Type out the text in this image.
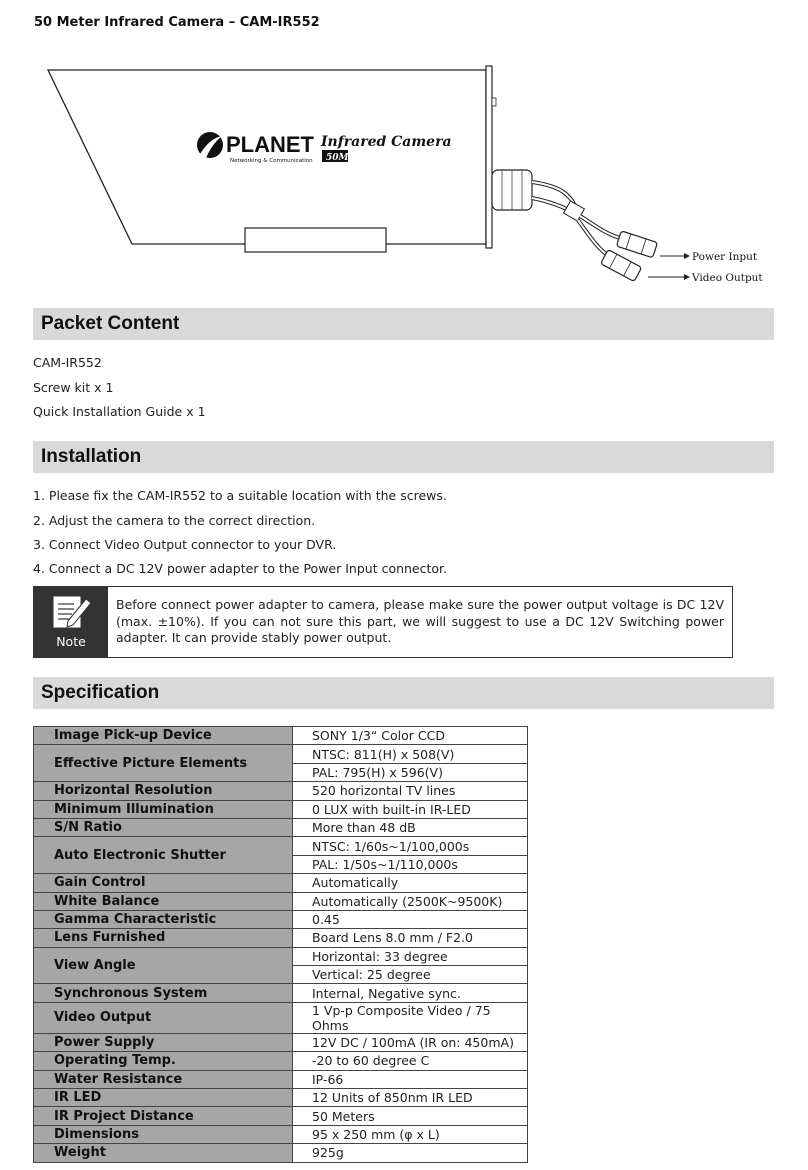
50 Meter Infrared Camera – CAM-IR552
PLANET
Networking & Communication
Infrared Camera
50M
Power Input
Video Output
Packet Content
CAM-IR552
Screw kit x 1
Quick Installation Guide x 1
Installation
1. Please fix the CAM-IR552 to a suitable location with the screws.
2. Adjust the camera to the correct direction.
3. Connect Video Output connector to your DVR.
4. Connect a DC 12V power adapter to the Power Input connector.
Note
Before connect power adapter to camera, please make sure the power output voltage is DC 12V (max. ±10%). If you can not sure this part, we will suggest to use a DC 12V Switching power adapter. It can provide stably power output.
Specification
Image Pick-up Device	SONY 1/3“ Color CCD
Effective Picture Elements	NTSC: 811(H) x 508(V)
	PAL: 795(H) x 596(V)
Horizontal Resolution	520 horizontal TV lines
Minimum Illumination	0 LUX with built-in IR-LED
S/N Ratio	More than 48 dB
Auto Electronic Shutter	NTSC: 1/60s~1/100,000s
	PAL: 1/50s~1/110,000s
Gain Control	Automatically
White Balance	Automatically (2500K~9500K)
Gamma Characteristic	0.45
Lens Furnished	Board Lens 8.0 mm / F2.0
View Angle	Horizontal: 33 degree
	Vertical: 25 degree
Synchronous System	Internal, Negative sync.
Video Output	1 Vp-p Composite Video / 75 Ohms
Power Supply	12V DC / 100mA (IR on: 450mA)
Operating Temp.	-20 to 60 degree C
Water Resistance	IP-66
IR LED	12 Units of 850nm IR LED
IR Project Distance	50 Meters
Dimensions	95 x 250 mm (φ x L)
Weight	925g
